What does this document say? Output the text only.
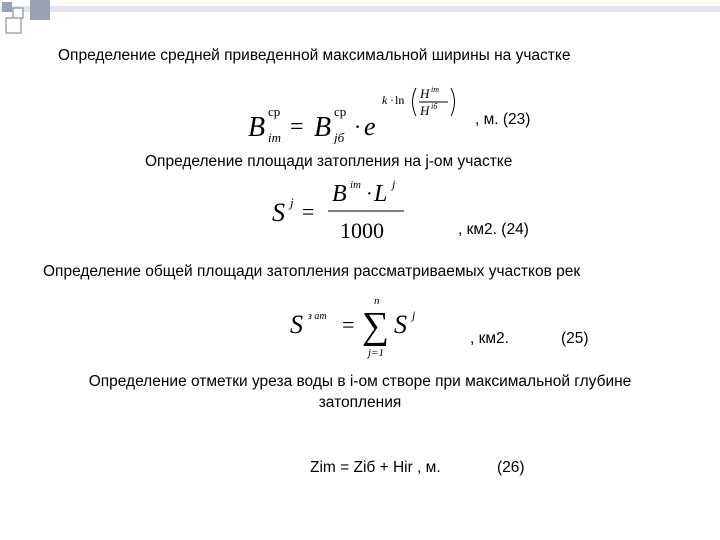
Определение средней приведенной максимальной ширины на участке
B
ср
im = B
ср
jб · e
k · ln H im
H iб
, м. (23)
Определение площади затопления на j-ом участке
S j =
B im · L j
1000	, км2. (24)
Определение общей площади затопления рассматриваемых участков рек
S з ат =
n
∑
j=1
S j
, км2.	(25)
Определение отметки уреза воды в i-ом створе при максимальной глубине
затопления
Zim = Ziб + Hir , м.	(26)
